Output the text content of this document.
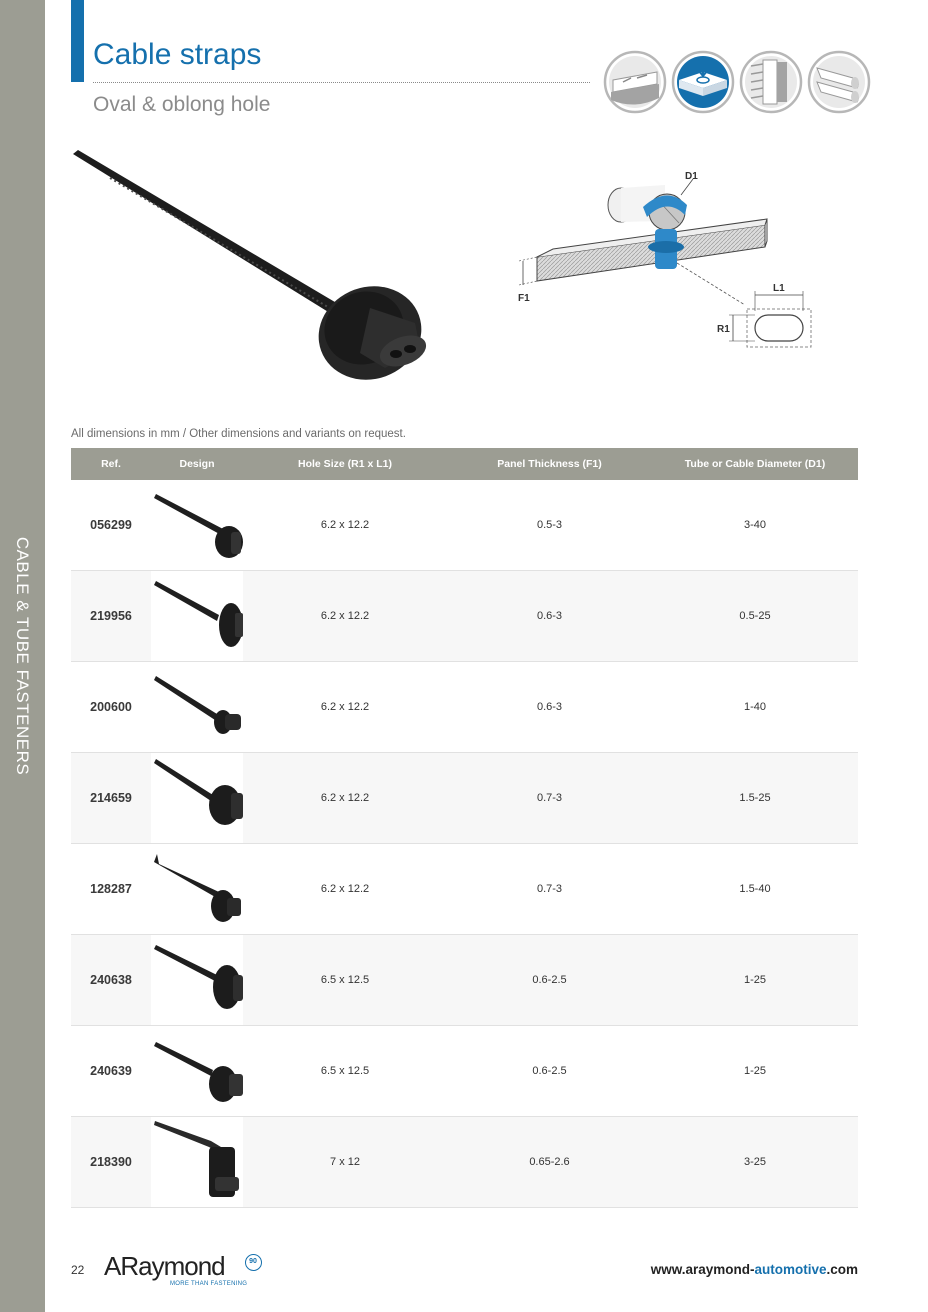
CABLE & TUBE FASTENERS
Cable straps
Oval & oblong hole
F1
D1
L1
R1
All dimensions in mm / Other dimensions and variants on request.
Ref.	Design	Hole Size (R1 x L1)	Panel Thickness (F1)	Tube or Cable Diameter (D1)
056299		6.2 x 12.2	0.5-3	3-40
219956		6.2 x 12.2	0.6-3	0.5-25
200600		6.2 x 12.2	0.6-3	1-40
214659		6.2 x 12.2	0.7-3	1.5-25
128287		6.2 x 12.2	0.7-3	1.5-40
240638		6.5 x 12.5	0.6-2.5	1-25
240639		6.5 x 12.5	0.6-2.5	1-25
218390		7 x 12	0.65-2.6	3-25
22 ARaymond	90
MORE THAN FASTENING
www.araymond-automotive.com
